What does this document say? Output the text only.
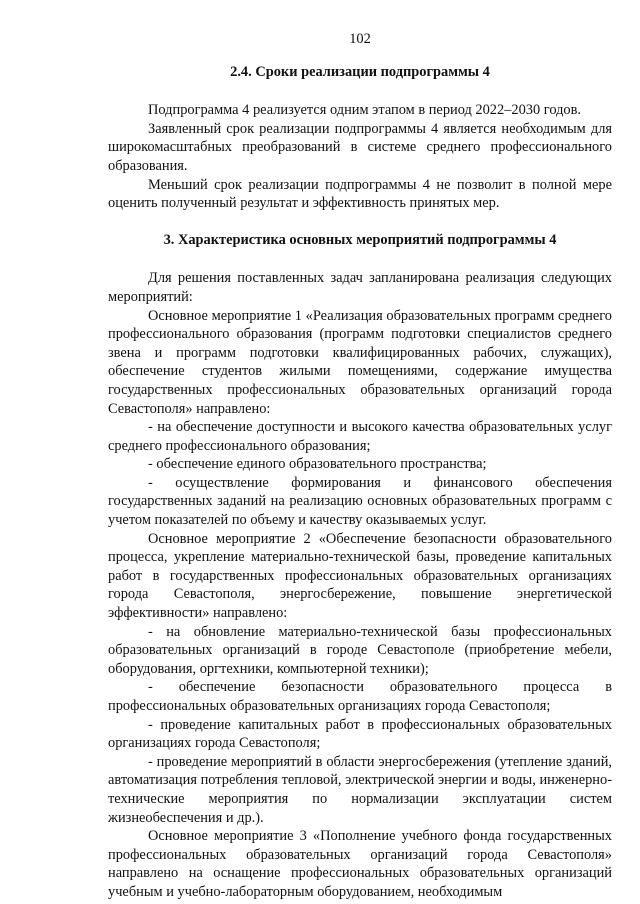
102
2.4. Сроки реализации подпрограммы 4

Подпрограмма 4 реализуется одним этапом в период 2022–2030 годов.

Заявленный срок реализации подпрограммы 4 является необходимым для широкомасштабных преобразований в системе среднего профессионального образования.

Меньший срок реализации подпрограммы 4 не позволит в полной мере оценить полученный результат и эффективность принятых мер.

3. Характеристика основных мероприятий подпрограммы 4

Для решения поставленных задач запланирована реализация следующих мероприятий:

Основное мероприятие 1 «Реализация образовательных программ среднего профессионального образования (программ подготовки специалистов среднего звена и программ подготовки квалифицированных рабочих, служащих), обеспечение студентов жилыми помещениями, содержание имущества государственных профессиональных образовательных организаций города Севастополя» направлено:

- на обеспечение доступности и высокого качества образовательных услуг среднего профессионального образования;

- обеспечение единого образовательного пространства;

- осуществление формирования и финансового обеспечения государственных заданий на реализацию основных образовательных программ с учетом показателей по объему и качеству оказываемых услуг.

Основное мероприятие 2 «Обеспечение безопасности образовательного процесса, укрепление материально-технической базы, проведение капитальных работ в государственных профессиональных образовательных организациях города Севастополя, энергосбережение, повышение энергетической эффективности» направлено:

- на обновление материально-технической базы профессиональных образовательных организаций в городе Севастополе (приобретение мебели, оборудования, оргтехники, компьютерной техники);

- обеспечение безопасности образовательного процесса в профессиональных образовательных организациях города Севастополя;

- проведение капитальных работ в профессиональных образовательных организациях города Севастополя;

- проведение мероприятий в области энергосбережения (утепление зданий, автоматизация потребления тепловой, электрической энергии и воды, инженерно-технические мероприятия по нормализации эксплуатации систем жизнеобеспечения и др.).

Основное мероприятие 3 «Пополнение учебного фонда государственных профессиональных образовательных организаций города Севастополя» направлено на оснащение профессиональных образовательных организаций учебным и учебно-лабораторным оборудованием, необходимым
